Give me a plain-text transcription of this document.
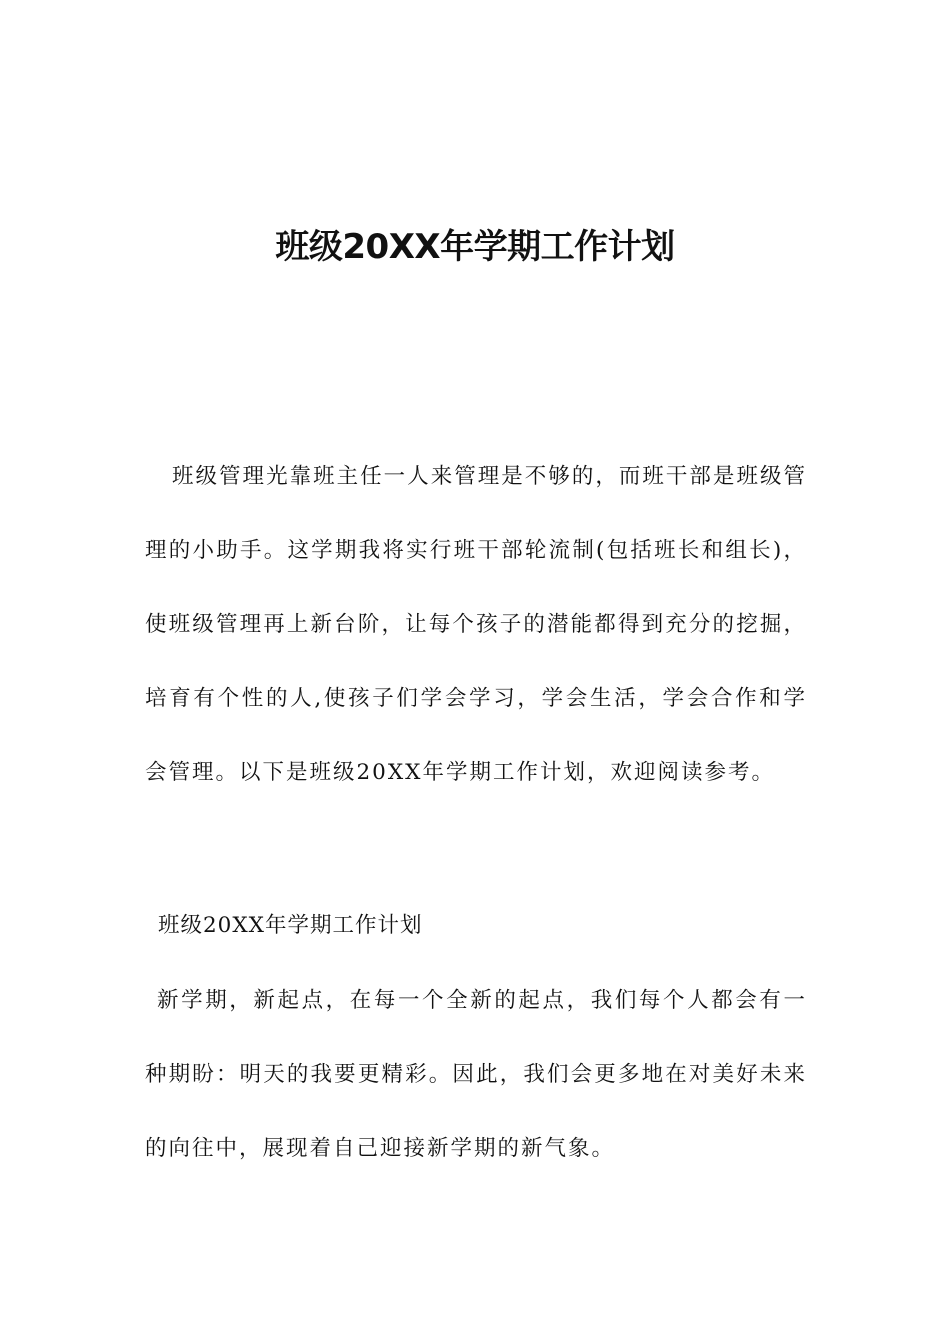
班级20XX年学期工作计划

班级管理光靠班主任一人来管理是不够的，而班干部是班级管理的小助手。这学期我将实行班干部轮流制(包括班长和组长)，使班级管理再上新台阶，让每个孩子的潜能都得到充分的挖掘，培育有个性的人,使孩子们学会学习，学会生活，学会合作和学会管理。以下是班级20XX年学期工作计划，欢迎阅读参考。

班级20XX年学期工作计划

新学期，新起点，在每一个全新的起点，我们每个人都会有一种期盼：明天的我要更精彩。因此，我们会更多地在对美好未来的向往中，展现着自己迎接新学期的新气象。
